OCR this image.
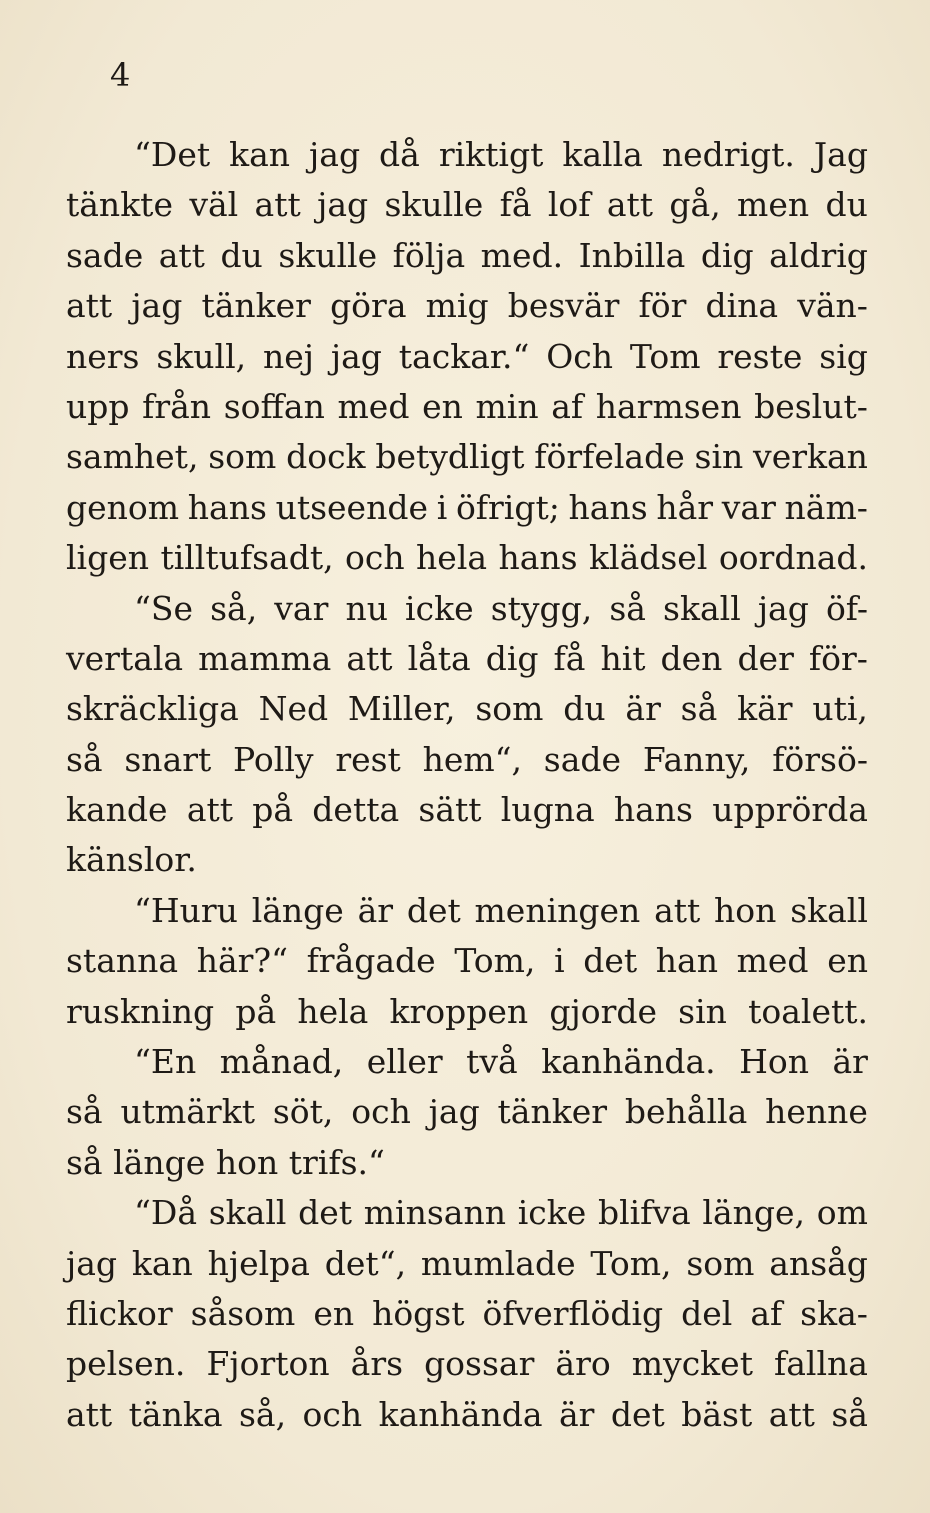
4
“Det kan jag då riktigt kalla nedrigt. Jag
tänkte väl att jag skulle få lof att gå, men du
sade att du skulle följa med. Inbilla dig aldrig
att jag tänker göra mig besvär för dina vän-
ners skull, nej jag tackar.“ Och Tom reste sig
upp från soffan med en min af harmsen beslut-
samhet, som dock betydligt förfelade sin verkan
genom hans utseende i öfrigt; hans hår var näm-
ligen tilltufsadt, och hela hans klädsel oordnad.
“Se så, var nu icke stygg, så skall jag öf-
vertala mamma att låta dig få hit den der för-
skräckliga Ned Miller, som du är så kär uti,
så snart Polly rest hem“, sade Fanny, försö-
kande att på detta sätt lugna hans upprörda
känslor.
“Huru länge är det meningen att hon skall
stanna här?“ frågade Tom, i det han med en
ruskning på hela kroppen gjorde sin toalett.
“En månad, eller två kanhända. Hon är
så utmärkt söt, och jag tänker behålla henne
så länge hon trifs.“
“Då skall det minsann icke blifva länge, om
jag kan hjelpa det“, mumlade Tom, som ansåg
flickor såsom en högst öfverflödig del af ska-
pelsen. Fjorton års gossar äro mycket fallna
att tänka så, och kanhända är det bäst att så
